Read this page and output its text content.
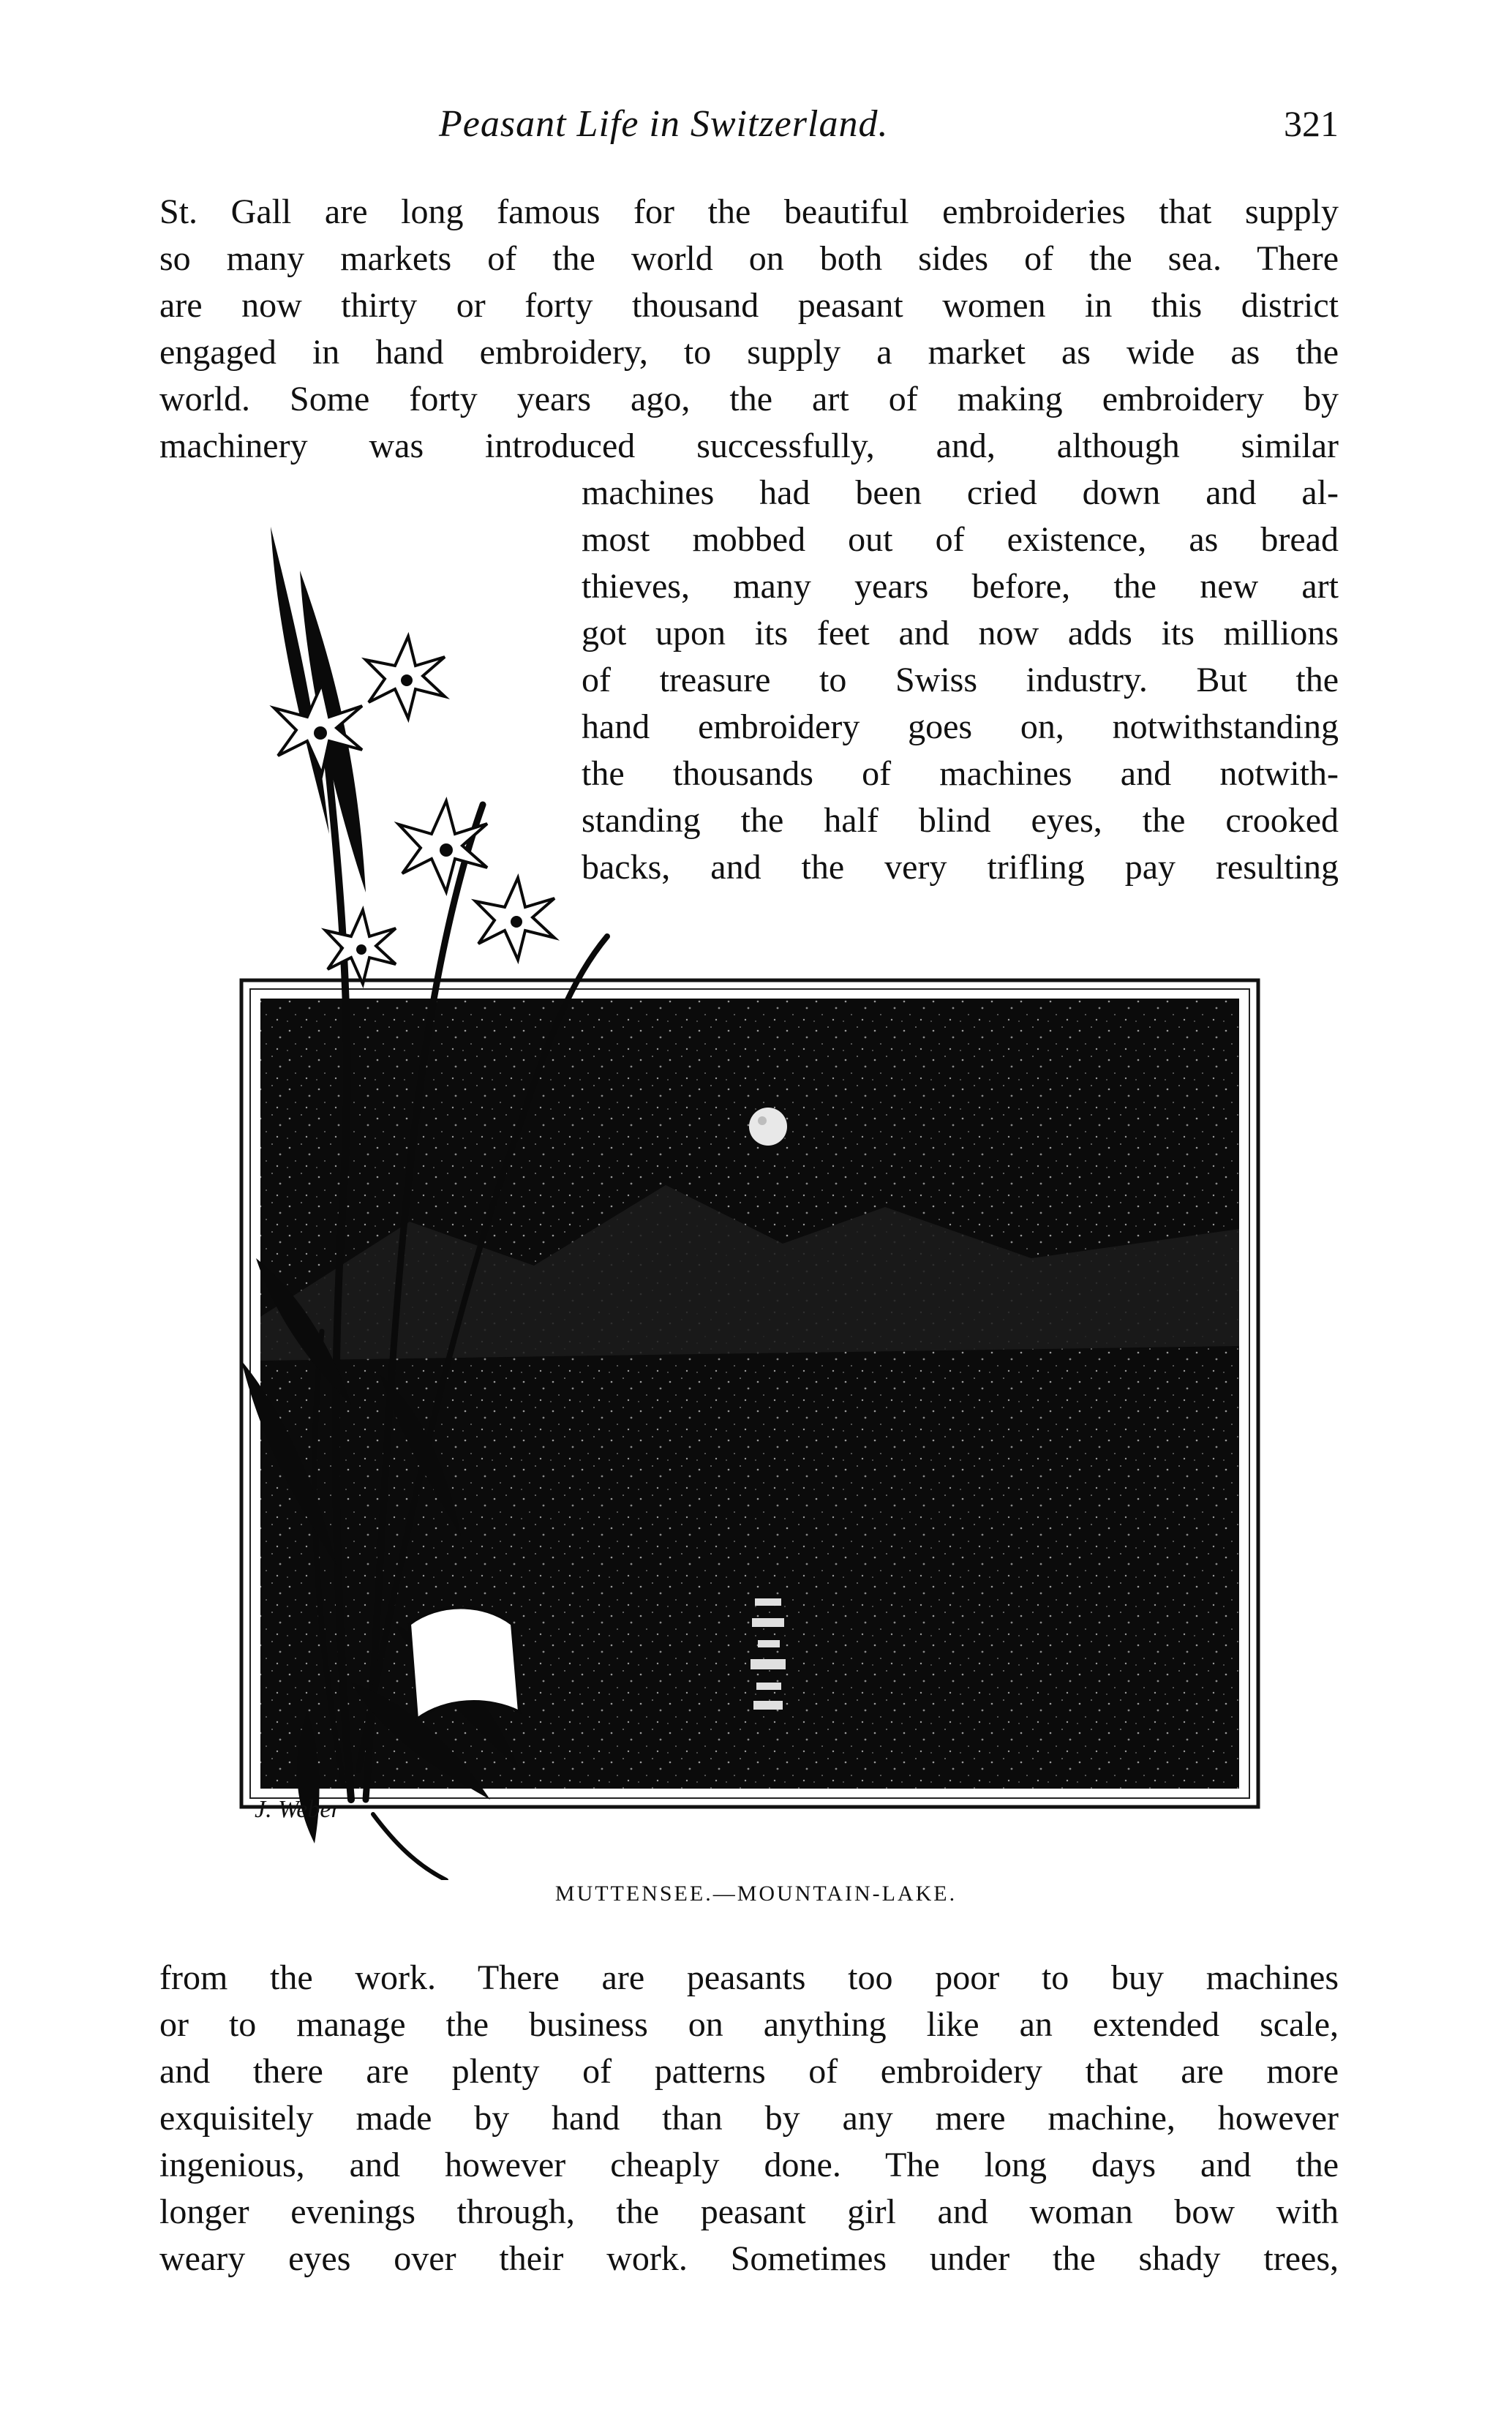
Peasant Life in Switzerland.	321
St. Gall are long famous for the beautiful embroideries that supply
so many markets of the world on both sides of the sea. There
are now thirty or forty thousand peasant women in this district
engaged in hand embroidery, to supply a market as wide as the
world. Some forty years ago, the art of making embroidery by
machinery was introduced successfully, and, although similar
machines had been cried down and al-
most mobbed out of existence, as bread
thieves, many years before, the new art
got upon its feet and now adds its millions
of treasure to Swiss industry. But the
hand embroidery goes on, notwithstanding
the thousands of machines and notwith-
standing the half blind eyes, the crooked
backs, and the very trifling pay resulting
J. Weber
MUTTENSEE.—MOUNTAIN-LAKE.
from the work. There are peasants too poor to buy machines
or to manage the business on anything like an extended scale,
and there are plenty of patterns of embroidery that are more
exquisitely made by hand than by any mere machine, however
ingenious, and however cheaply done. The long days and the
longer evenings through, the peasant girl and woman bow with
weary eyes over their work. Sometimes under the shady trees,
